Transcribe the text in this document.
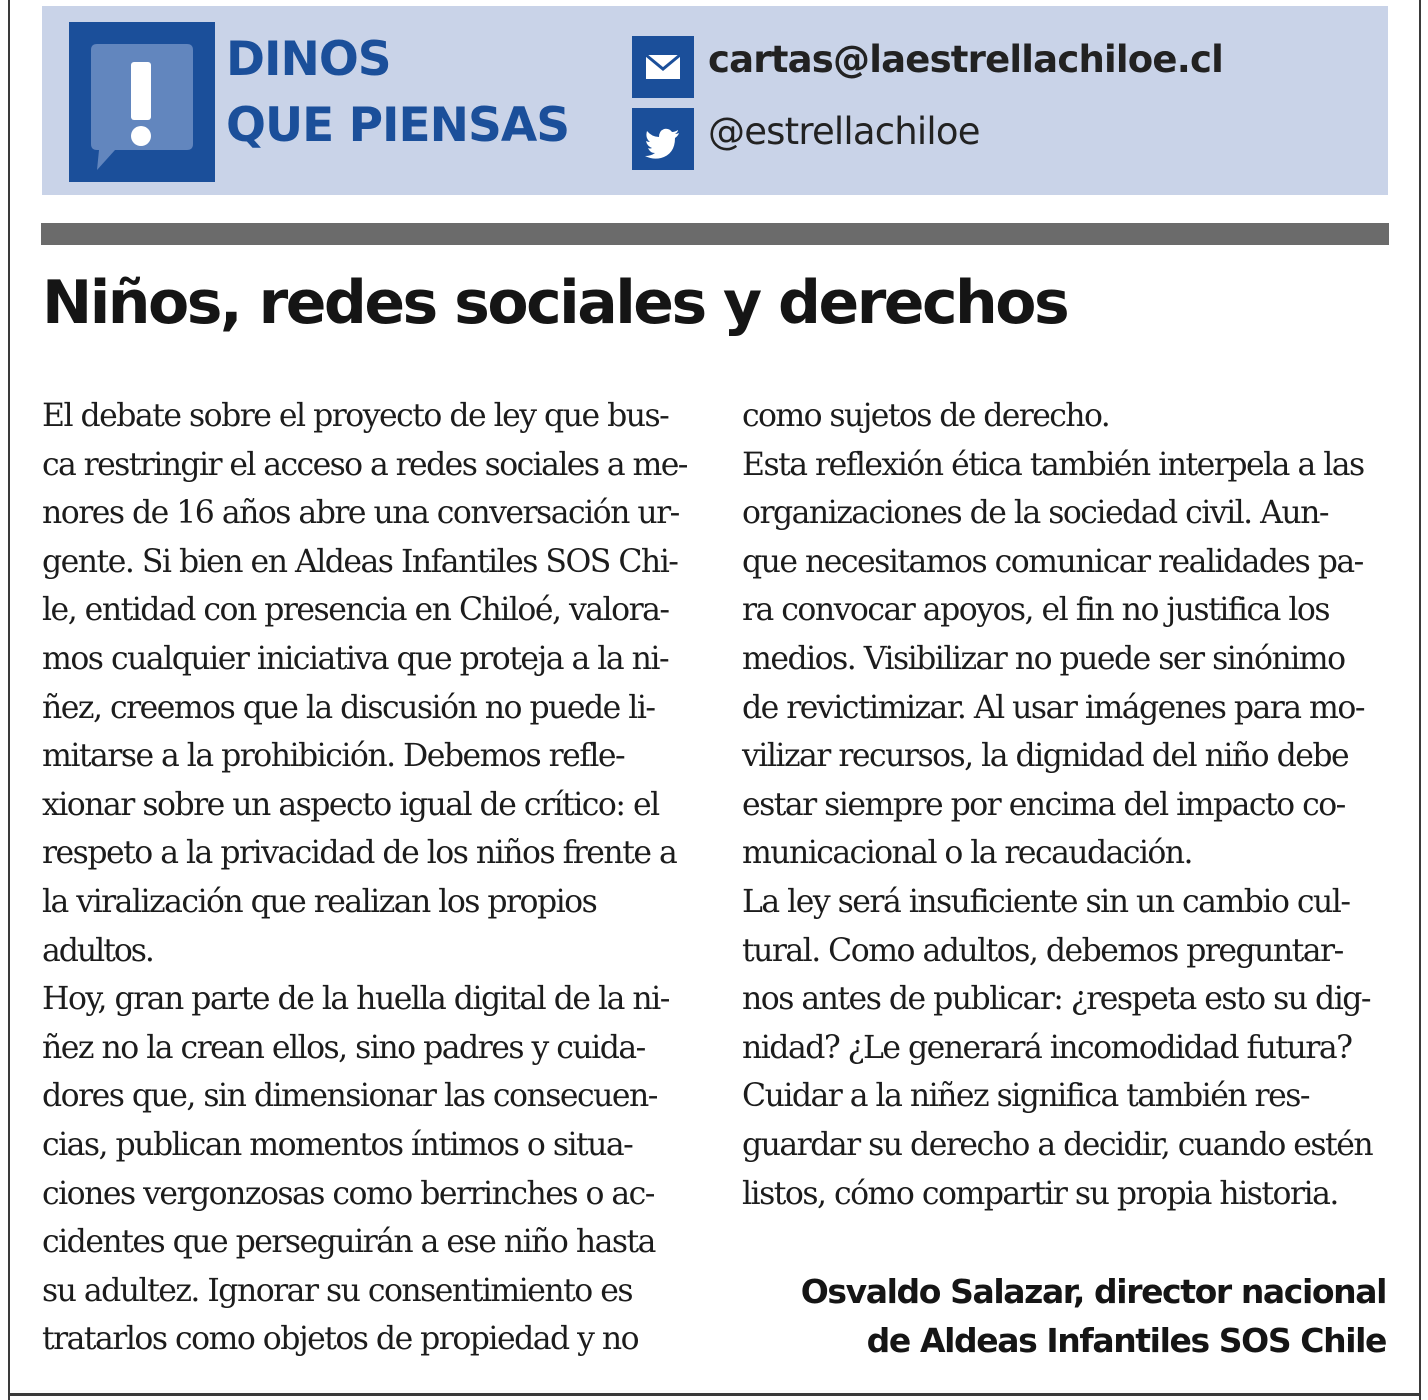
DINOS
QUE PIENSAS
cartas@laestrellachiloe.cl
@estrellachiloe
Niños, redes sociales y derechos
El debate sobre el proyecto de ley que bus-
ca restringir el acceso a redes sociales a me-
nores de 16 años abre una conversación ur-
gente. Si bien en Aldeas Infantiles SOS Chi-
le, entidad con presencia en Chiloé, valora-
mos cualquier iniciativa que proteja a la ni-
ñez, creemos que la discusión no puede li-
mitarse a la prohibición. Debemos refle-
xionar sobre un aspecto igual de crítico: el
respeto a la privacidad de los niños frente a
la viralización que realizan los propios
adultos.
Hoy, gran parte de la huella digital de la ni-
ñez no la crean ellos, sino padres y cuida-
dores que, sin dimensionar las consecuen-
cias, publican momentos íntimos o situa-
ciones vergonzosas como berrinches o ac-
cidentes que perseguirán a ese niño hasta
su adultez. Ignorar su consentimiento es
tratarlos como objetos de propiedad y no
como sujetos de derecho.
Esta reflexión ética también interpela a las
organizaciones de la sociedad civil. Aun-
que necesitamos comunicar realidades pa-
ra convocar apoyos, el fin no justifica los
medios. Visibilizar no puede ser sinónimo
de revictimizar. Al usar imágenes para mo-
vilizar recursos, la dignidad del niño debe
estar siempre por encima del impacto co-
municacional o la recaudación.
La ley será insuficiente sin un cambio cul-
tural. Como adultos, debemos preguntar-
nos antes de publicar: ¿respeta esto su dig-
nidad? ¿Le generará incomodidad futura?
Cuidar a la niñez significa también res-
guardar su derecho a decidir, cuando estén
listos, cómo compartir su propia historia.
Osvaldo Salazar, director nacional
de Aldeas Infantiles SOS Chile
